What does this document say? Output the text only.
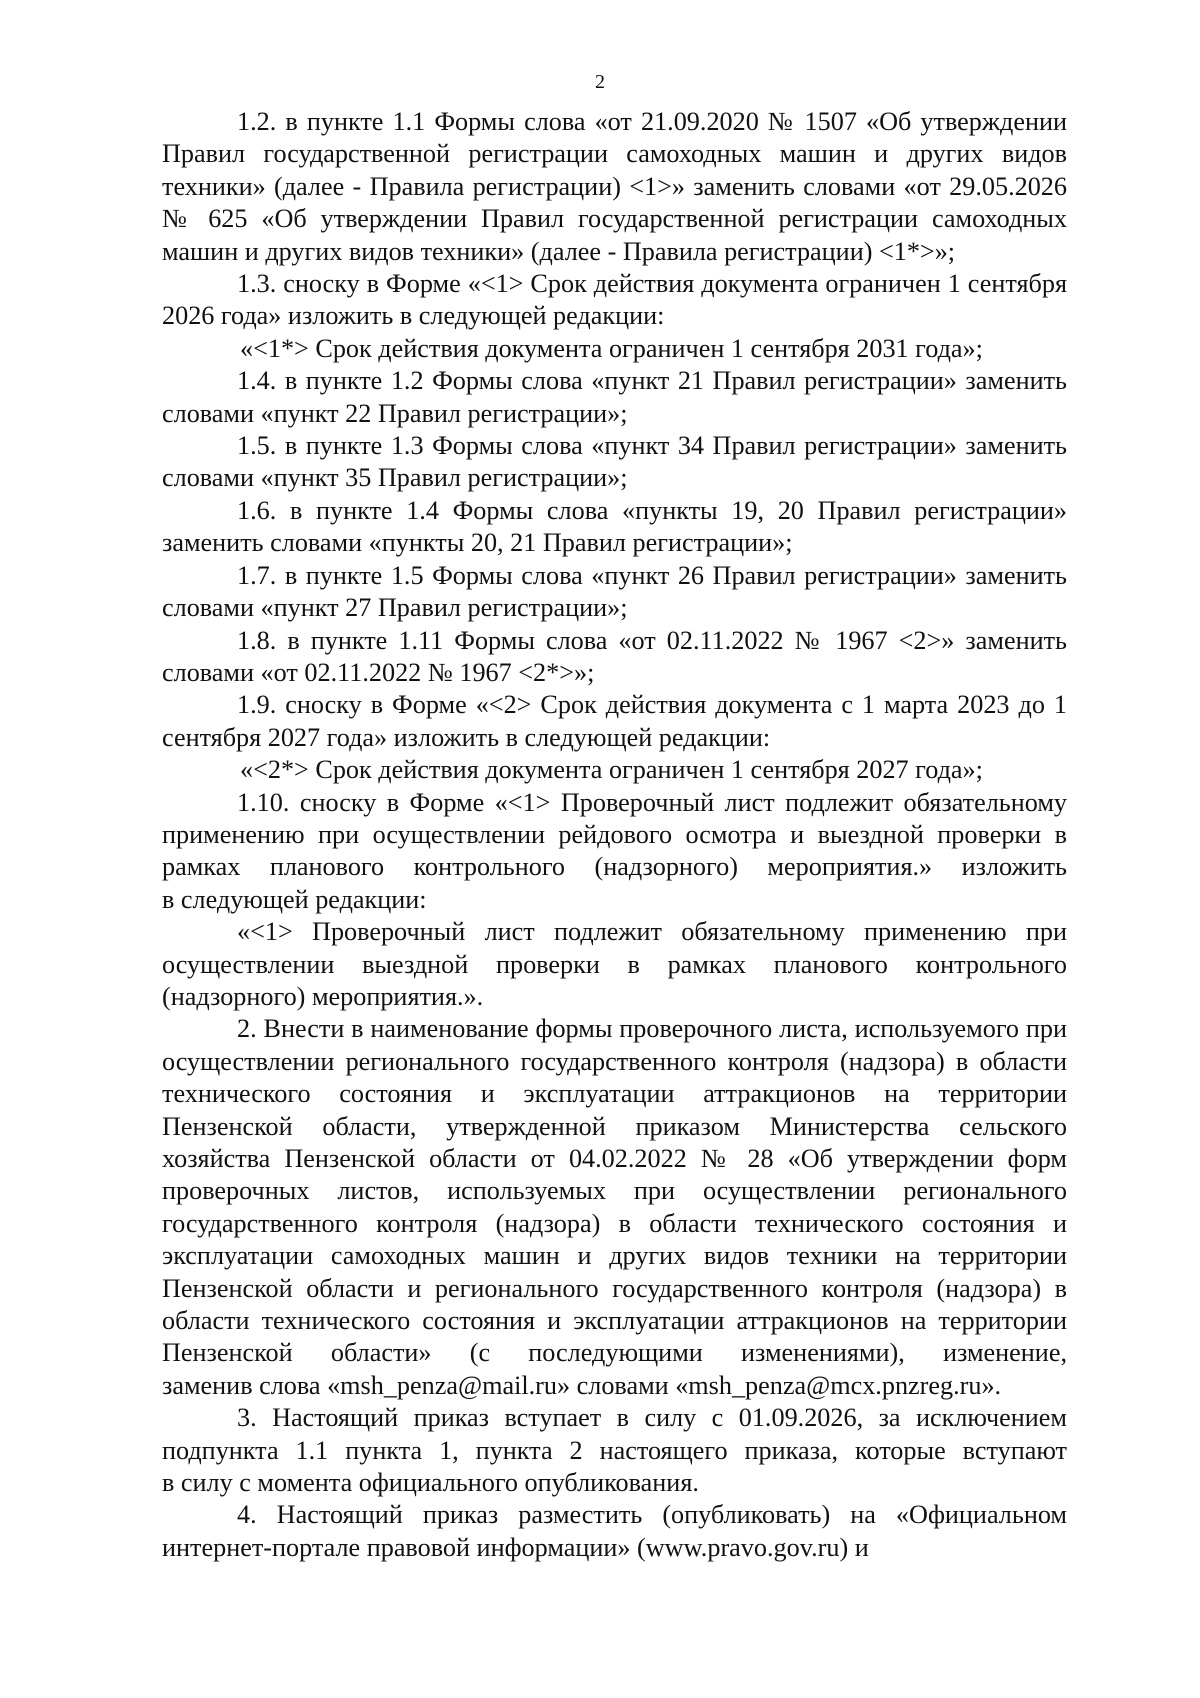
2
1.2. в пункте 1.1 Формы слова «от 21.09.2020 № 1507 «Об утверждении
Правил государственной регистрации самоходных машин и других видов
техники» (далее - Правила регистрации) <1>» заменить словами «от 29.05.2026
№ 625 «Об утверждении Правил государственной регистрации самоходных
машин и других видов техники» (далее - Правила регистрации) <1*>»;
1.3. сноску в Форме «<1> Срок действия документа ограничен 1 сентября
2026 года» изложить в следующей редакции:
«<1*> Срок действия документа ограничен 1 сентября 2031 года»;
1.4. в пункте 1.2 Формы слова «пункт 21 Правил регистрации» заменить
словами «пункт 22 Правил регистрации»;
1.5. в пункте 1.3 Формы слова «пункт 34 Правил регистрации» заменить
словами «пункт 35 Правил регистрации»;
1.6. в пункте 1.4 Формы слова «пункты 19, 20 Правил регистрации»
заменить словами «пункты 20, 21 Правил регистрации»;
1.7. в пункте 1.5 Формы слова «пункт 26 Правил регистрации» заменить
словами «пункт 27 Правил регистрации»;
1.8. в пункте 1.11 Формы слова «от 02.11.2022 № 1967 <2>» заменить
словами «от 02.11.2022 № 1967 <2*>»;
1.9. сноску в Форме «<2> Срок действия документа с 1 марта 2023 до 1
сентября 2027 года» изложить в следующей редакции:
«<2*> Срок действия документа ограничен 1 сентября 2027 года»;
1.10. сноску в Форме «<1> Проверочный лист подлежит обязательному
применению при осуществлении рейдового осмотра и выездной проверки в
рамках планового контрольного (надзорного) мероприятия.» изложить
в следующей редакции:
«<1> Проверочный лист подлежит обязательному применению при
осуществлении выездной проверки в рамках планового контрольного
(надзорного) мероприятия.».
2. Внести в наименование формы проверочного листа, используемого при
осуществлении регионального государственного контроля (надзора) в области
технического состояния и эксплуатации аттракционов на территории
Пензенской области, утвержденной приказом Министерства сельского
хозяйства Пензенской области от 04.02.2022 № 28 «Об утверждении форм
проверочных листов, используемых при осуществлении регионального
государственного контроля (надзора) в области технического состояния и
эксплуатации самоходных машин и других видов техники на территории
Пензенской области и регионального государственного контроля (надзора) в
области технического состояния и эксплуатации аттракционов на территории
Пензенской области» (с последующими изменениями), изменение,
заменив слова «msh_penza@mail.ru» словами «msh_penza@mcx.pnzreg.ru».
3. Настоящий приказ вступает в силу с 01.09.2026, за исключением
подпункта 1.1 пункта 1, пункта 2 настоящего приказа, которые вступают
в силу с момента официального опубликования.
4. Настоящий приказ разместить (опубликовать) на «Официальном
интернет-портале правовой информации» (www.pravo.gov.ru) и
